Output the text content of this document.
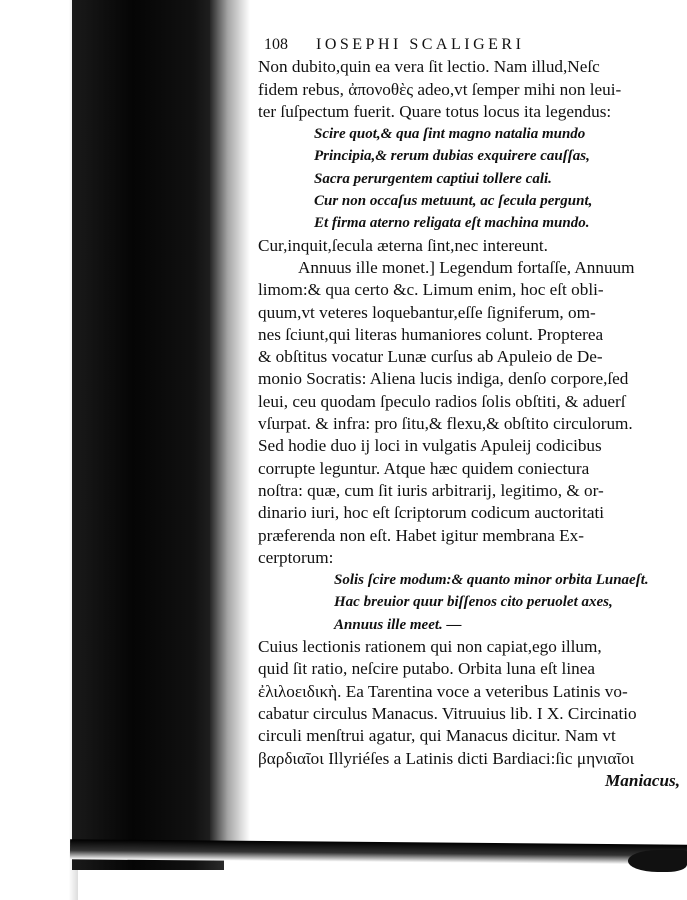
108 IOSEPHI SCALIGERI
Non dubito,quin ea vera ſit lectio. Nam illud,Neſc
fidem rebus, ἀπονοθὲς adeo,vt ſemper mihi non leui-
ter ſuſpectum fuerit. Quare totus locus ita legendus:
Scire quot,& qua ſint magno natalia mundo
Principia,& rerum dubias exquirere cauſſas,
Sacra perurgentem captiui tollere cali.
Cur non occaſus metuunt, ac ſecula pergunt,
Et firma aterno religata eſt machina mundo.
Cur,inquit,ſecula æterna ſint,nec intereunt.
Annuus ille monet.] Legendum fortaſſe, Annuum
limom:& qua certo &c. Limum enim, hoc eſt obli-
quum,vt veteres loquebantur,eſſe ſigniferum, om-
nes ſciunt,qui literas humaniores colunt. Propterea
& obſtitus vocatur Lunæ curſus ab Apuleio de De-
monio Socratis: Aliena lucis indiga, denſo corpore,ſed
leui, ceu quodam ſpeculo radios ſolis obſtiti, & aduerſ
vſurpat. & infra: pro ſitu,& flexu,& obſtito circulorum.
Sed hodie duo ij loci in vulgatis Apuleij codicibus
corrupte leguntur. Atque hæc quidem coniectura
noſtra: quæ, cum ſit iuris arbitrarij, legitimo, & or-
dinario iuri, hoc eſt ſcriptorum codicum auctoritati
præferenda non eſt. Habet igitur membrana Ex-
cerptorum:
Solis ſcire modum:& quanto minor orbita Lunaeſt.
Hac breuior quur biſſenos cito peruolet axes,
Annuus ille meet. —
Cuius lectionis rationem qui non capiat,ego illum,
quid ſit ratio, neſcire putabo. Orbita luna eſt linea
ἐλιλοειδικὴ. Ea Tarentina voce a veteribus Latinis vo-
cabatur circulus Manacus. Vitruuius lib. I X. Circinatio
circuli menſtrui agatur, qui Manacus dicitur. Nam vt
βαρδιαῖοι Illyriéſes a Latinis dicti Bardiaci:ſic μηνιαῖοι
Maniacus,
